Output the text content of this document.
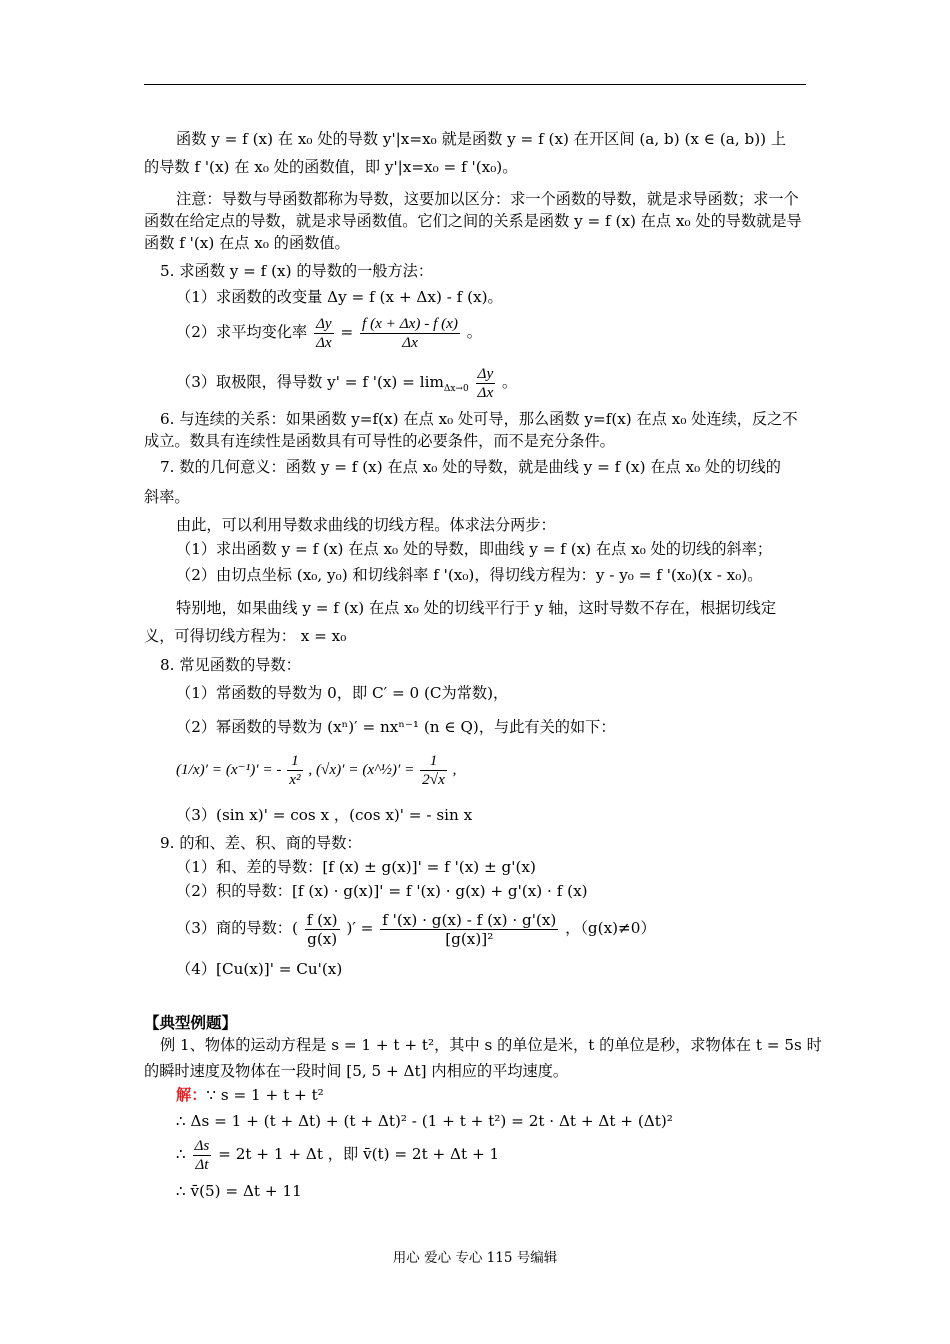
函数 y = f (x) 在 x₀ 处的导数 y'|x=x₀ 就是函数 y = f (x) 在开区间 (a, b) (x ∈ (a, b)) 上
的导数 f '(x) 在 x₀ 处的函数值，即 y'|x=x₀ = f '(x₀)。
注意：导数与导函数都称为导数，这要加以区分：求一个函数的导数，就是求导函数；求一个函数在给定点的导数，就是求导函数值。它们之间的关系是函数 y = f (x) 在点 x₀ 处的导数就是导函数 f '(x) 在点 x₀ 的函数值。
5. 求函数 y = f (x) 的导数的一般方法：
（1）求函数的改变量 Δy = f (x + Δx) - f (x)。
（2）求平均变化率 $\frac{\Delta y}{\Delta x} = \frac{f (x + \Delta x) - f (x)}{\Delta x}$ 。
（3）取极限，得导数 y' = f '$(x) = \lim_{\Delta x\to 0} \frac{\Delta y}{\Delta x}$ 。
6. 与连续的关系：如果函数 y=f(x) 在点 x₀ 处可导，那么函数 y=f(x) 在点 x₀ 处连续，反之不成立。数具有连续性是函数具有可导性的必要条件，而不是充分条件。
7. 数的几何意义：函数 y = f (x) 在点 x₀ 处的导数，就是曲线 y = f (x) 在点 x₀ 处的切线的
斜率。
由此，可以利用导数求曲线的切线方程。体求法分两步：
（1）求出函数 y = f (x) 在点 x₀ 处的导数，即曲线 y = f (x) 在点 x₀ 处的切线的斜率；
（2）由切点坐标 (x₀, y₀) 和切线斜率 f '(x₀)，得切线方程为：y - y₀ = f '(x₀)(x - x₀)。
特别地，如果曲线 y = f (x) 在点 x₀ 处的切线平行于 y 轴，这时导数不存在，根据切线定义，可得切线方程为： x = x₀
8. 常见函数的导数：
（1）常函数的导数为 0，即 C′ = 0 (C为常数)，
（2）幂函数的导数为 (xⁿ)′ = nxⁿ⁻¹ (n ∈ Q)，与此有关的如下：
(1/x)′ = (x⁻¹)′ = - $\frac{1}{\text{x²}}$ , (√x)′ = (x^½)′ = $\frac{1}{2√x}$ ,
（3）(sin x)' = cos x ，(cos x)' = - sin x
9. 的和、差、积、商的导数：
（1）和、差的导数：[f (x) ± g(x)]' = f '(x) ± g'(x)
（2）积的导数：[f (x) · g(x)]' = f '(x) · g(x) + g'(x) · f (x)
（3）商的导数：( $\frac{f (x)}{g(x)}$ )′ = $\frac{f '(x) \cdot g(x) - f (x) \cdot g'(x)}{\text{[g(x)]²}}$ ，（g(x)≠0）
（4）[Cu(x)]' = Cu'(x)
【典型例题】
例 1、物体的运动方程是 s = 1 + t + t²，其中 s 的单位是米，t 的单位是秒，求物体在 t = 5s 时
的瞬时速度及物体在一段时间 [5, 5 + Δt] 内相应的平均速度。
解：∵ s = 1 + t + t²
∴ Δs = 1 + (t + Δt) + (t + Δt)² - (1 + t + t²) = 2t · Δt + Δt + (Δt)²
∴ $\frac{\Delta s}{\Delta t} = 2t + 1 + \Delta t$ ，即 v̄(t) = 2t + Δt + 1
∴ v̄(5) = Δt + 11
用心 爱心 专心 115 号编辑
